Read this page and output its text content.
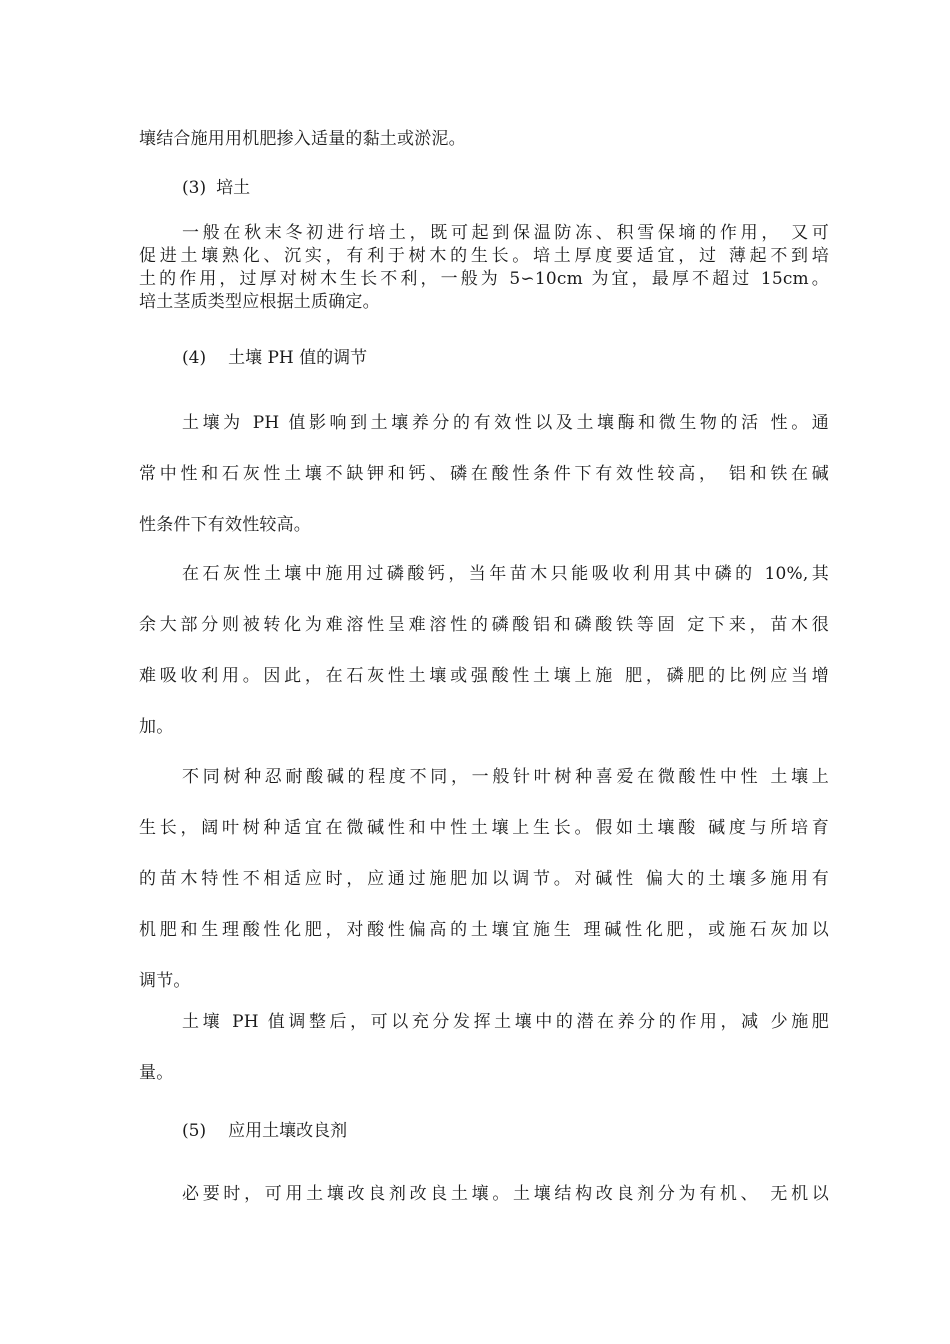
壤结合施用用机肥掺入适量的黏土或淤泥。
(3) 培土
一般在秋末冬初进行培土，既可起到保温防冻、积雪保墒的作用， 又可
促进土壤熟化、沉实，有利于树木的生长。培土厚度要适宜，过 薄起不到培
土的作用，过厚对树木生长不利，一般为 5∽10cm 为宜，最厚不超过 15cm。
培土茎质类型应根据土质确定。
(4) 土壤 PH 值的调节
土壤为 PH 值影响到土壤养分的有效性以及土壤酶和微生物的活 性。通
常中性和石灰性土壤不缺钾和钙、磷在酸性条件下有效性较高， 铝和铁在碱
性条件下有效性较高。
在石灰性土壤中施用过磷酸钙，当年苗木只能吸收利用其中磷的 10%,其
余大部分则被转化为难溶性呈难溶性的磷酸铝和磷酸铁等固 定下来，苗木很
难吸收利用。因此，在石灰性土壤或强酸性土壤上施 肥，磷肥的比例应当增
加。
不同树种忍耐酸碱的程度不同，一般针叶树种喜爱在微酸性中性 土壤上
生长，阔叶树种适宜在微碱性和中性土壤上生长。假如土壤酸 碱度与所培育
的苗木特性不相适应时，应通过施肥加以调节。对碱性 偏大的土壤多施用有
机肥和生理酸性化肥，对酸性偏高的土壤宜施生 理碱性化肥，或施石灰加以
调节。
土壤 PH 值调整后，可以充分发挥土壤中的潜在养分的作用，减 少施肥
量。
(5) 应用土壤改良剂
必要时，可用土壤改良剂改良土壤。土壤结构改良剂分为有机、 无机以
